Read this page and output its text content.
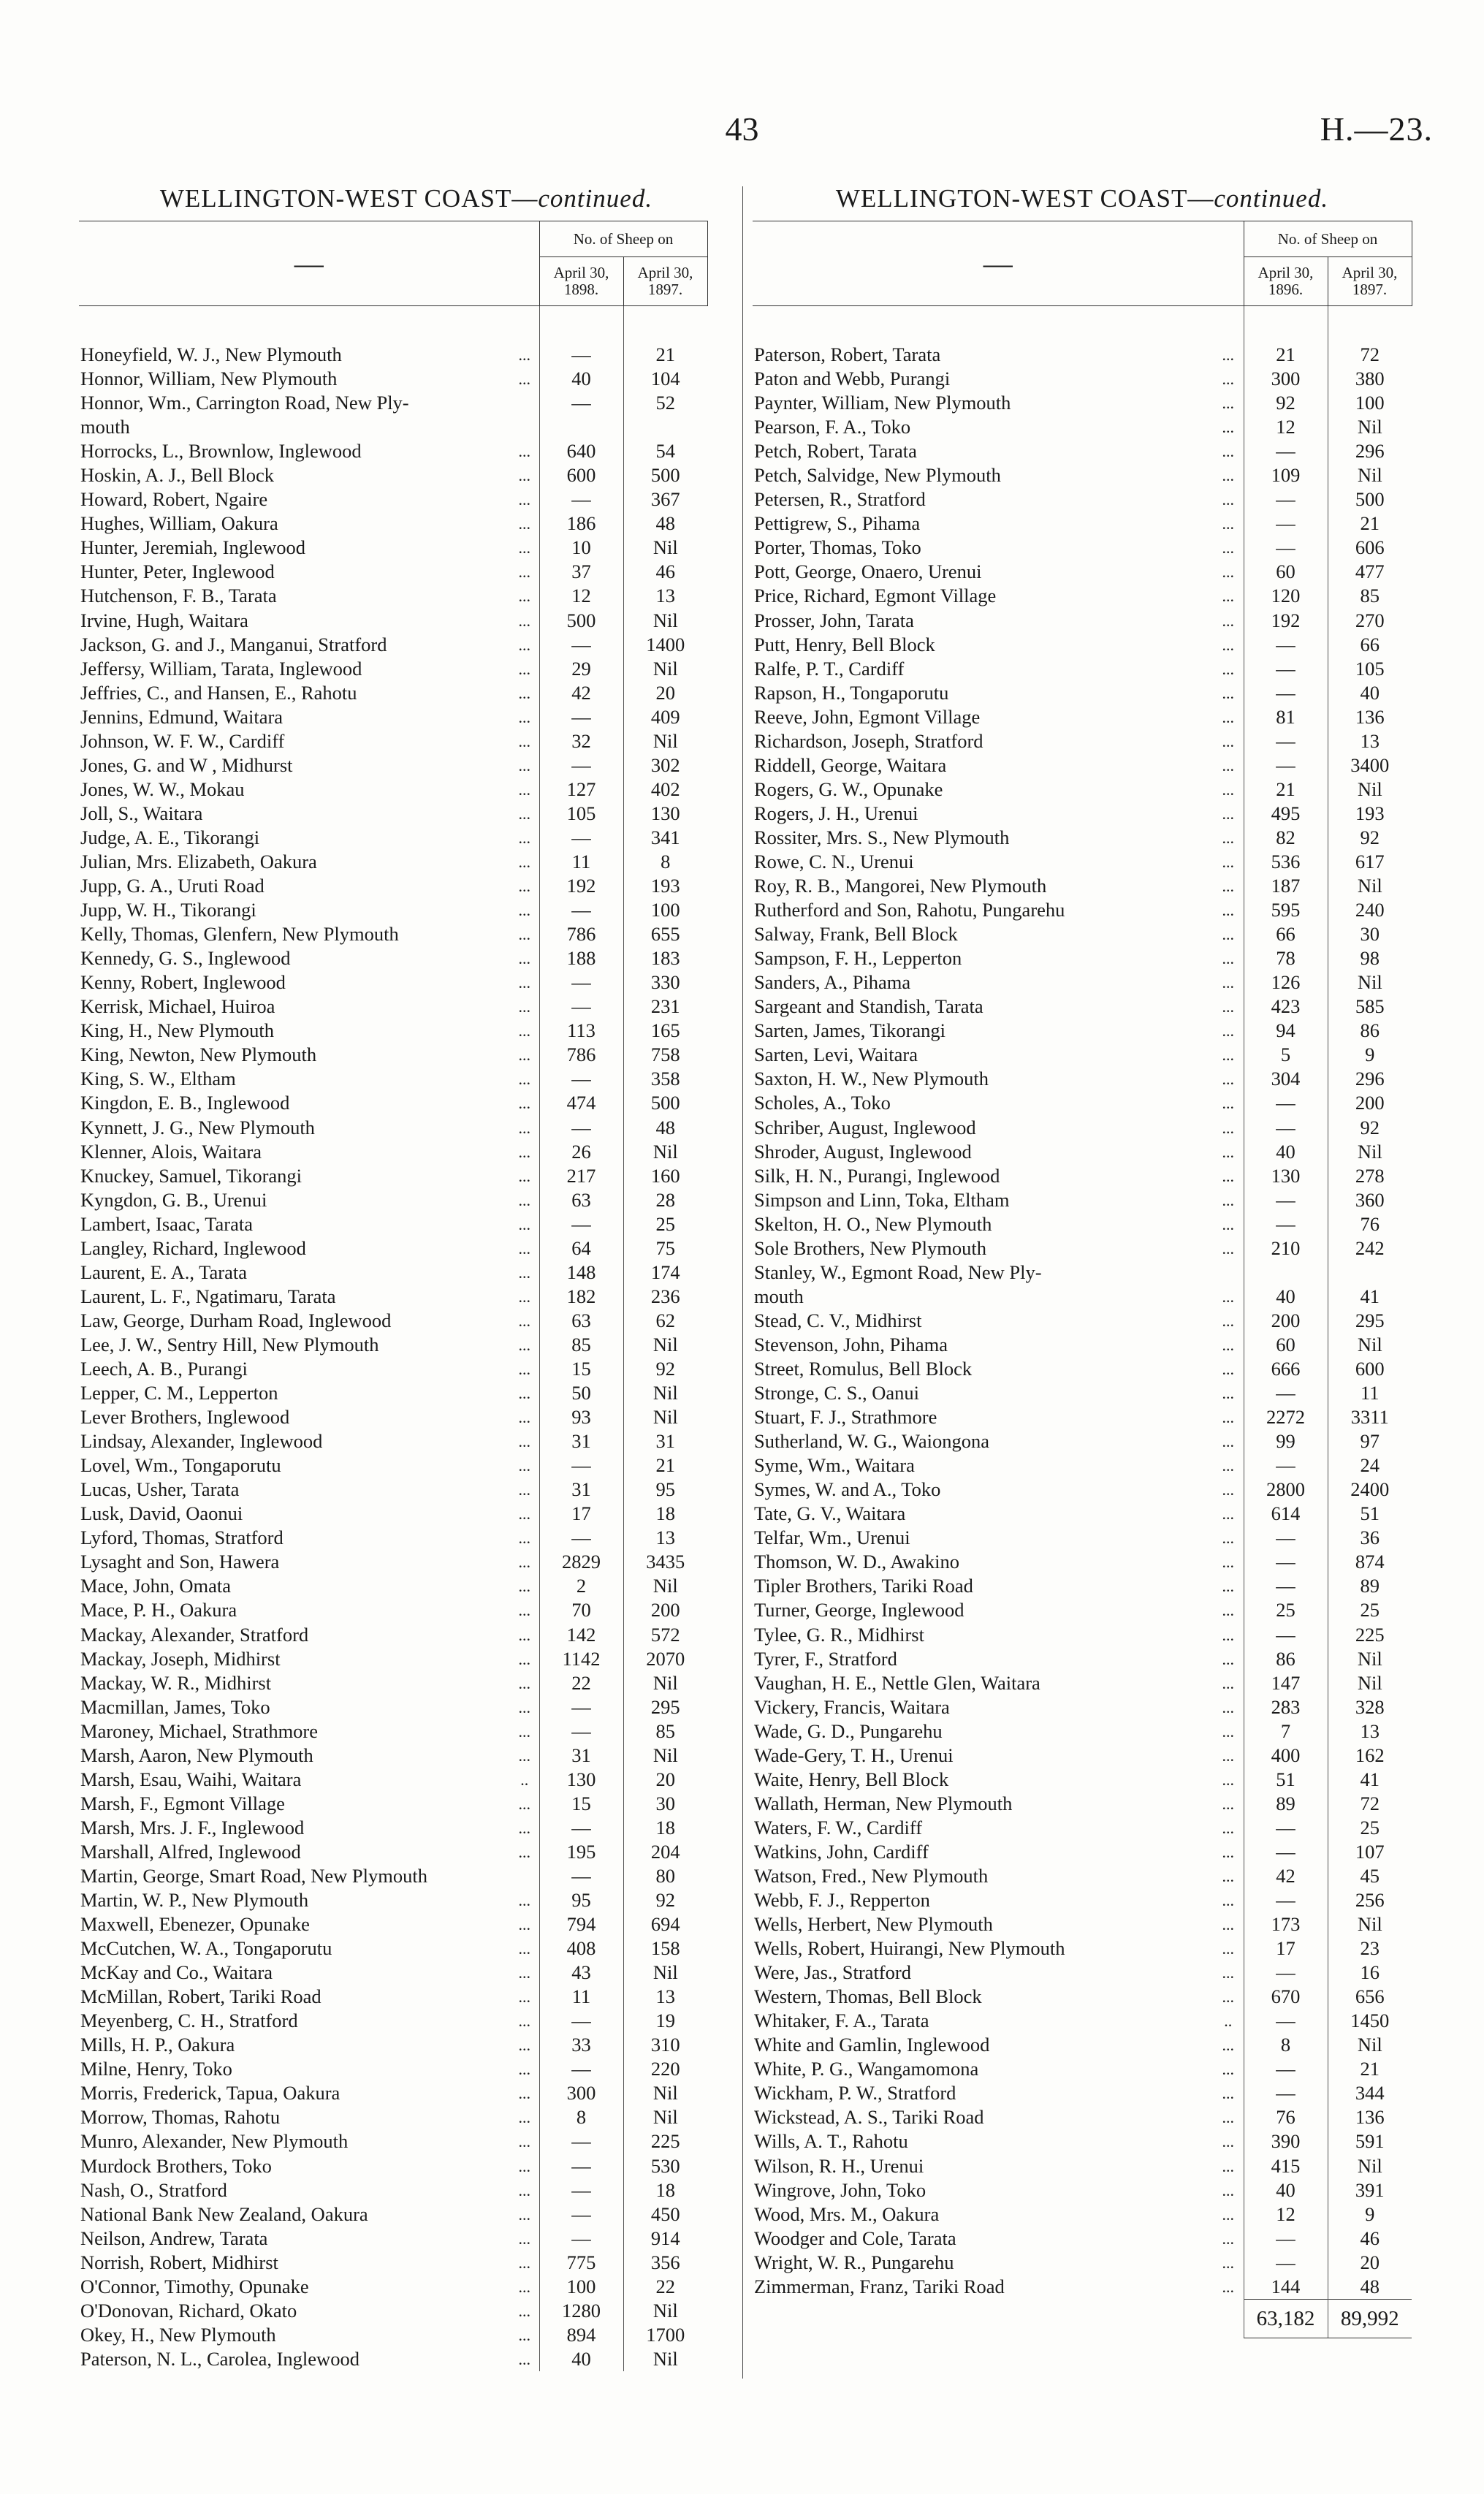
43	H.—23.
WELLINGTON-WEST COAST—continued.
—		No. of Sheep on	
		April 30, 1898.	April 30, 1897.

Honeyfield, W. J., New Plymouth	...	—	21
Honnor, William, New Plymouth	...	40	104
Honnor, Wm., Carrington Road, New Ply-		—	52
mouth			
Horrocks, L., Brownlow, Inglewood	...	640	54
Hoskin, A. J., Bell Block	...	600	500
Howard, Robert, Ngaire	...	—	367
Hughes, William, Oakura	...	186	48
Hunter, Jeremiah, Inglewood	...	10	Nil
Hunter, Peter, Inglewood	...	37	46
Hutchenson, F. B., Tarata	...	12	13
Irvine, Hugh, Waitara	...	500	Nil
Jackson, G. and J., Manganui, Stratford	...	—	1400
Jeffersy, William, Tarata, Inglewood	...	29	Nil
Jeffries, C., and Hansen, E., Rahotu	...	42	20
Jennins, Edmund, Waitara	...	—	409
Johnson, W. F. W., Cardiff	...	32	Nil
Jones, G. and W , Midhurst	...	—	302
Jones, W. W., Mokau	...	127	402
Joll, S., Waitara	...	105	130
Judge, A. E., Tikorangi	...	—	341
Julian, Mrs. Elizabeth, Oakura	...	11	8
Jupp, G. A., Uruti Road	...	192	193
Jupp, W. H., Tikorangi	...	—	100
Kelly, Thomas, Glenfern, New Plymouth	...	786	655
Kennedy, G. S., Inglewood	...	188	183
Kenny, Robert, Inglewood	...	—	330
Kerrisk, Michael, Huiroa	...	—	231
King, H., New Plymouth	...	113	165
King, Newton, New Plymouth	...	786	758
King, S. W., Eltham	...	—	358
Kingdon, E. B., Inglewood	...	474	500
Kynnett, J. G., New Plymouth	...	—	48
Klenner, Alois, Waitara	...	26	Nil
Knuckey, Samuel, Tikorangi	...	217	160
Kyngdon, G. B., Urenui	...	63	28
Lambert, Isaac, Tarata	...	—	25
Langley, Richard, Inglewood	...	64	75
Laurent, E. A., Tarata	...	148	174
Laurent, L. F., Ngatimaru, Tarata	...	182	236
Law, George, Durham Road, Inglewood	...	63	62
Lee, J. W., Sentry Hill, New Plymouth	...	85	Nil
Leech, A. B., Purangi	...	15	92
Lepper, C. M., Lepperton	...	50	Nil
Lever Brothers, Inglewood	...	93	Nil
Lindsay, Alexander, Inglewood	...	31	31
Lovel, Wm., Tongaporutu	...	—	21
Lucas, Usher, Tarata	...	31	95
Lusk, David, Oaonui	...	17	18
Lyford, Thomas, Stratford	...	—	13
Lysaght and Son, Hawera	...	2829	3435
Mace, John, Omata	...	2	Nil
Mace, P. H., Oakura	...	70	200
Mackay, Alexander, Stratford	...	142	572
Mackay, Joseph, Midhirst	...	1142	2070
Mackay, W. R., Midhirst	...	22	Nil
Macmillan, James, Toko	...	—	295
Maroney, Michael, Strathmore	...	—	85
Marsh, Aaron, New Plymouth	...	31	Nil
Marsh, Esau, Waihi, Waitara	..	130	20
Marsh, F., Egmont Village	...	15	30
Marsh, Mrs. J. F., Inglewood	...	—	18
Marshall, Alfred, Inglewood	...	195	204
Martin, George, Smart Road, New Plymouth		—	80
Martin, W. P., New Plymouth	...	95	92
Maxwell, Ebenezer, Opunake	...	794	694
McCutchen, W. A., Tongaporutu	...	408	158
McKay and Co., Waitara	...	43	Nil
McMillan, Robert, Tariki Road	...	11	13
Meyenberg, C. H., Stratford	...	—	19
Mills, H. P., Oakura	...	33	310
Milne, Henry, Toko	...	—	220
Morris, Frederick, Tapua, Oakura	...	300	Nil
Morrow, Thomas, Rahotu	...	8	Nil
Munro, Alexander, New Plymouth	...	—	225
Murdock Brothers, Toko	...	—	530
Nash, O., Stratford	...	—	18
National Bank New Zealand, Oakura	...	—	450
Neilson, Andrew, Tarata	...	—	914
Norrish, Robert, Midhirst	...	775	356
O'Connor, Timothy, Opunake	...	100	22
O'Donovan, Richard, Okato	...	1280	Nil
Okey, H., New Plymouth	...	894	1700
Paterson, N. L., Carolea, Inglewood	...	40	Nil
WELLINGTON-WEST COAST—continued.
—		No. of Sheep on	
		April 30, 1896.	April 30, 1897.

Paterson, Robert, Tarata	...	21	72
Paton and Webb, Purangi	...	300	380
Paynter, William, New Plymouth	...	92	100
Pearson, F. A., Toko	...	12	Nil
Petch, Robert, Tarata	...	—	296
Petch, Salvidge, New Plymouth	...	109	Nil
Petersen, R., Stratford	...	—	500
Pettigrew, S., Pihama	...	—	21
Porter, Thomas, Toko	...	—	606
Pott, George, Onaero, Urenui	...	60	477
Price, Richard, Egmont Village	...	120	85
Prosser, John, Tarata	...	192	270
Putt, Henry, Bell Block	...	—	66
Ralfe, P. T., Cardiff	...	—	105
Rapson, H., Tongaporutu	...	—	40
Reeve, John, Egmont Village	...	81	136
Richardson, Joseph, Stratford	...	—	13
Riddell, George, Waitara	...	—	3400
Rogers, G. W., Opunake	...	21	Nil
Rogers, J. H., Urenui	...	495	193
Rossiter, Mrs. S., New Plymouth	...	82	92
Rowe, C. N., Urenui	...	536	617
Roy, R. B., Mangorei, New Plymouth	...	187	Nil
Rutherford and Son, Rahotu, Pungarehu	...	595	240
Salway, Frank, Bell Block	...	66	30
Sampson, F. H., Lepperton	...	78	98
Sanders, A., Pihama	...	126	Nil
Sargeant and Standish, Tarata	...	423	585
Sarten, James, Tikorangi	...	94	86
Sarten, Levi, Waitara	...	5	9
Saxton, H. W., New Plymouth	...	304	296
Scholes, A., Toko	...	—	200
Schriber, August, Inglewood	...	—	92
Shroder, August, Inglewood	...	40	Nil
Silk, H. N., Purangi, Inglewood	...	130	278
Simpson and Linn, Toka, Eltham	...	—	360
Skelton, H. O., New Plymouth	...	—	76
Sole Brothers, New Plymouth	...	210	242
Stanley, W., Egmont Road, New Ply-			
mouth	...	40	41
Stead, C. V., Midhirst	...	200	295
Stevenson, John, Pihama	...	60	Nil
Street, Romulus, Bell Block	...	666	600
Stronge, C. S., Oanui	...	—	11
Stuart, F. J., Strathmore	...	2272	3311
Sutherland, W. G., Waiongona	...	99	97
Syme, Wm., Waitara	...	—	24
Symes, W. and A., Toko	...	2800	2400
Tate, G. V., Waitara	...	614	51
Telfar, Wm., Urenui	...	—	36
Thomson, W. D., Awakino	...	—	874
Tipler Brothers, Tariki Road	...	—	89
Turner, George, Inglewood	...	25	25
Tylee, G. R., Midhirst	...	—	225
Tyrer, F., Stratford	...	86	Nil
Vaughan, H. E., Nettle Glen, Waitara	...	147	Nil
Vickery, Francis, Waitara	...	283	328
Wade, G. D., Pungarehu	...	7	13
Wade-Gery, T. H., Urenui	...	400	162
Waite, Henry, Bell Block	...	51	41
Wallath, Herman, New Plymouth	...	89	72
Waters, F. W., Cardiff	...	—	25
Watkins, John, Cardiff	...	—	107
Watson, Fred., New Plymouth	...	42	45
Webb, F. J., Repperton	...	—	256
Wells, Herbert, New Plymouth	...	173	Nil
Wells, Robert, Huirangi, New Plymouth	...	17	23
Were, Jas., Stratford	...	—	16
Western, Thomas, Bell Block	...	670	656
Whitaker, F. A., Tarata	..	—	1450
White and Gamlin, Inglewood	...	8	Nil
White, P. G., Wangamomona	...	—	21
Wickham, P. W., Stratford	...	—	344
Wickstead, A. S., Tariki Road	...	76	136
Wills, A. T., Rahotu	...	390	591
Wilson, R. H., Urenui	...	415	Nil
Wingrove, John, Toko	...	40	391
Wood, Mrs. M., Oakura	...	12	9
Woodger and Cole, Tarata	...	—	46
Wright, W. R., Pungarehu	...	—	20
Zimmerman, Franz, Tariki Road	...	144	48
		63,182	89,992
